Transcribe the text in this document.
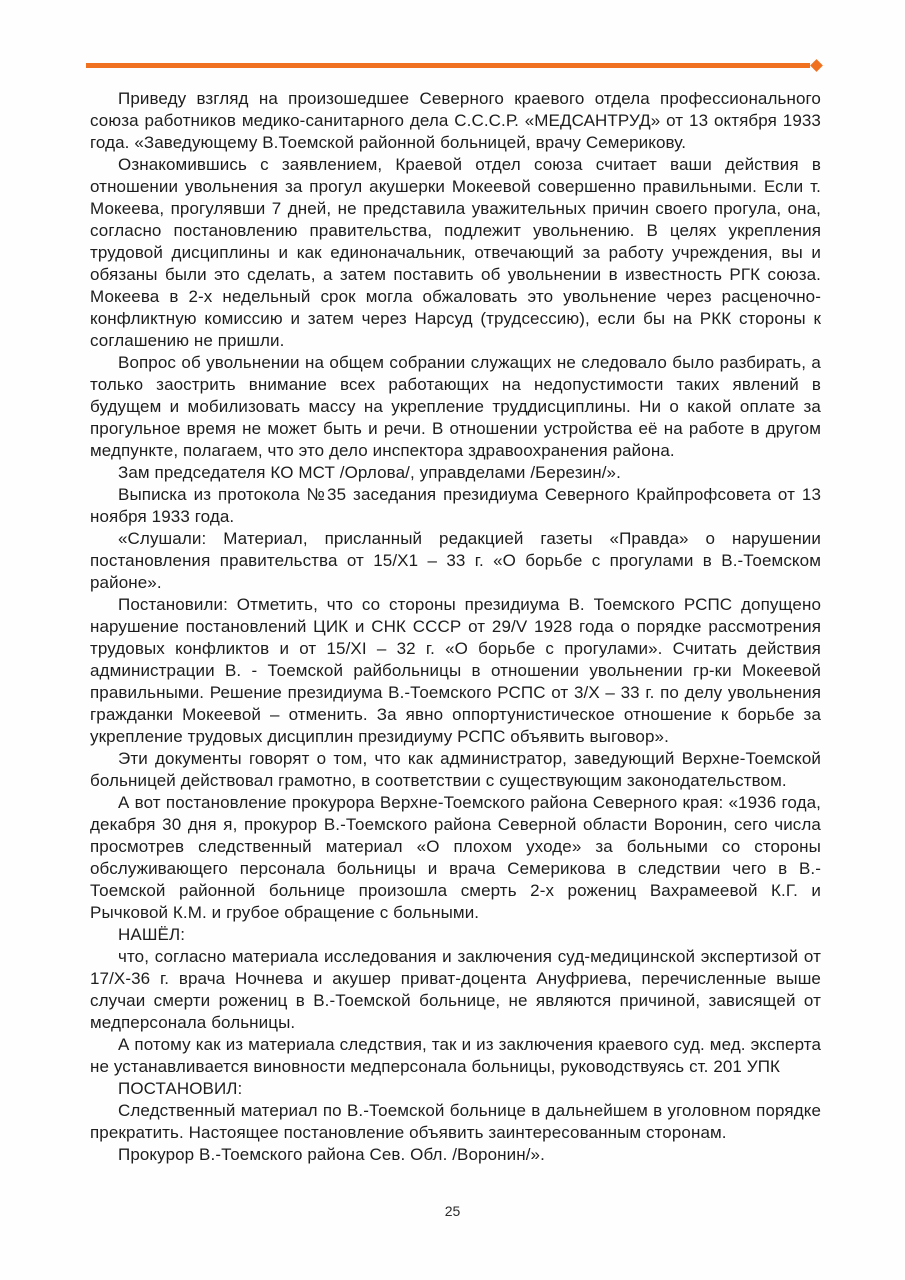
Приведу взгляд на произошедшее Северного краевого отдела профессионального союза работников медико-санитарного дела С.С.С.Р. «МЕДСАНТРУД» от 13 октября 1933 года. «Заведующему В.Тоемской районной больницей, врачу Семерикову.

Ознакомившись с заявлением, Краевой отдел союза считает ваши действия в отношении увольнения за прогул акушерки Мокеевой совершенно правильными. Если т. Мокеева, прогулявши 7 дней, не представила уважительных причин своего прогула, она, согласно постановлению правительства, подлежит увольнению. В целях укрепления трудовой дисциплины и как единоначальник, отвечающий за работу учреждения, вы и обязаны были это сделать, а затем поставить об увольнении в известность РГК союза. Мокеева в 2-х недельный срок могла обжаловать это увольнение через расценочно-конфликтную комиссию и затем через Нарсуд (трудсессию), если бы на РКК стороны к соглашению не пришли.

Вопрос об увольнении на общем собрании служащих не следовало было разбирать, а только заострить внимание всех работающих на недопустимости таких явлений в будущем и мобилизовать массу на укрепление труддисциплины. Ни о какой оплате за прогульное время не может быть и речи. В отношении устройства её на работе в другом медпункте, полагаем, что это дело инспектора здравоохранения района.

Зам председателя КО МСТ /Орлова/, управделами /Березин/».

Выписка из протокола №35 заседания президиума Северного Крайпрофсовета от 13 ноября 1933 года.

«Слушали: Материал, присланный редакцией газеты «Правда» о нарушении постановления правительства от 15/Х1 – 33 г. «О борьбе с прогулами в В.-Тоемском районе».

Постановили: Отметить, что со стороны президиума В. Тоемского РСПС допущено нарушение постановлений ЦИК и СНК СССР от 29/V 1928 года о порядке рассмотрения трудовых конфликтов и от 15/ХI – 32 г. «О борьбе с прогулами». Считать действия администрации В. - Тоемской райбольницы в отношении увольнении гр-ки Мокеевой правильными. Решение президиума В.-Тоемского РСПС от 3/Х – 33 г. по делу увольнения гражданки Мокеевой – отменить. За явно оппортунистическое отношение к борьбе за укрепление трудовых дисциплин президиуму РСПС объявить выговор».

Эти документы говорят о том, что как администратор, заведующий Верхне-Тоемской больницей действовал грамотно, в соответствии с существующим законодательством.

А вот постановление прокурора Верхне-Тоемского района Северного края: «1936 года, декабря 30 дня я, прокурор В.-Тоемского района Северной области Воронин, сего числа просмотрев следственный материал «О плохом уходе» за больными со стороны обслуживающего персонала больницы и врача Семерикова в следствии чего в В.-Тоемской районной больнице произошла смерть 2-х рожениц Вахрамеевой К.Г. и Рычковой К.М. и грубое обращение с больными.

НАШЁЛ:

что, согласно материала исследования и заключения суд-медицинской экспертизой от 17/Х-36 г. врача Ночнева и акушер приват-доцента Ануфриева, перечисленные выше случаи смерти рожениц в В.-Тоемской больнице, не являются причиной, зависящей от медперсонала больницы.

А потому как из материала следствия, так и из заключения краевого суд. мед. эксперта не устанавливается виновности медперсонала больницы, руководствуясь ст. 201 УПК

ПОСТАНОВИЛ:

Следственный материал по В.-Тоемской больнице в дальнейшем в уголовном порядке прекратить. Настоящее постановление объявить заинтересованным сторонам.

Прокурор В.-Тоемского района Сев. Обл. /Воронин/».

25
